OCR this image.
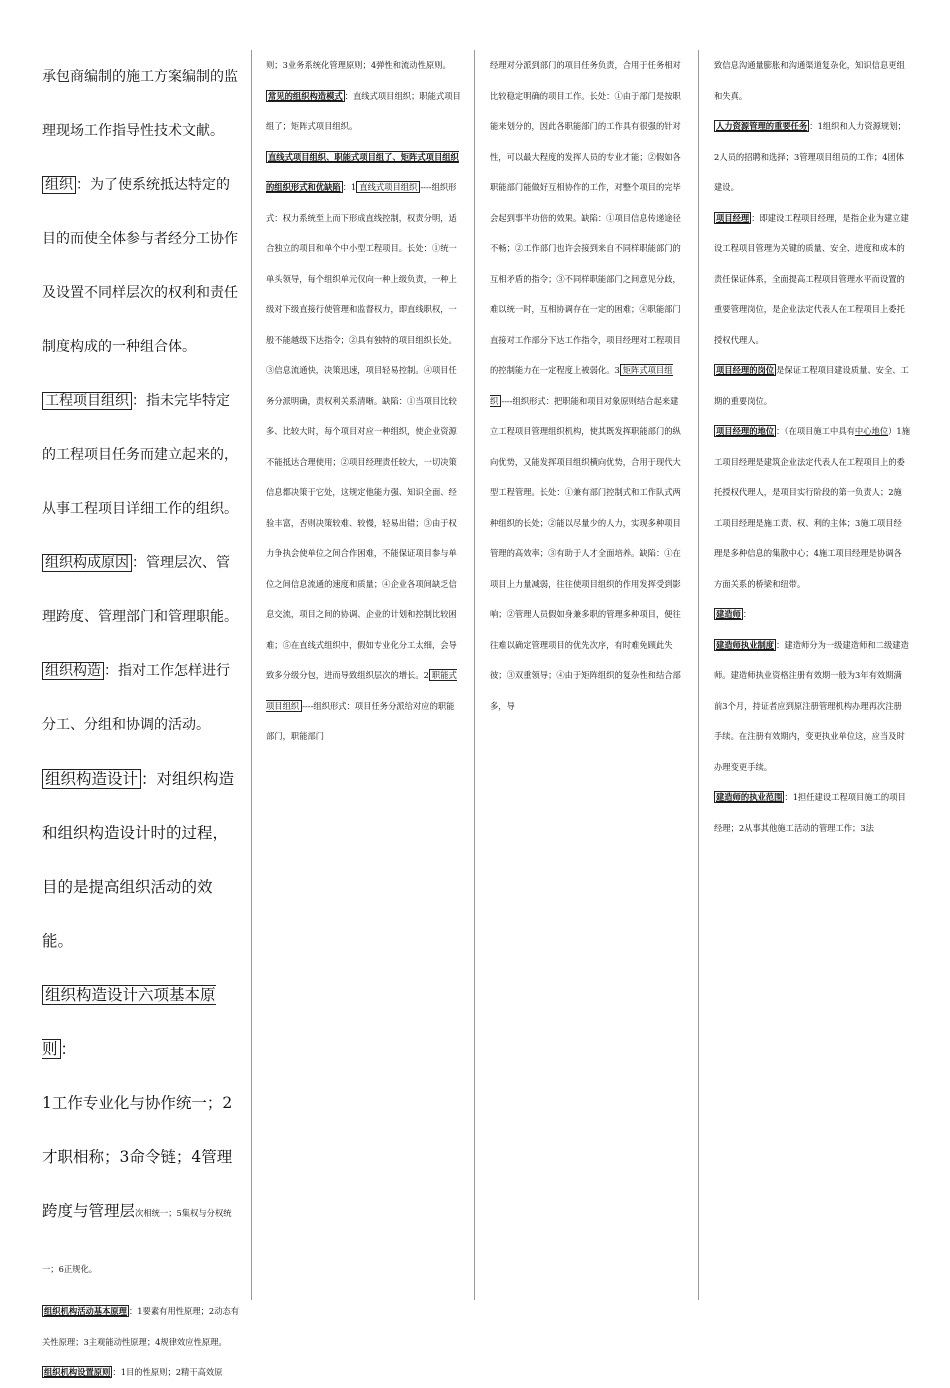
承包商编制的施工方案编制的监理现场工作指导性技术文献。

组织 ：为了使系统抵达特定的目的而使全体参与者经分工协作及设置不同样层次的权利和责任制度构成的一种组合体。

工程项目组织 ：指未完毕特定的工程项目任务而建立起来的，从事工程项目详细工作的组织。

组织构成原因 ：管理层次、管理跨度、管理部门和管理职能。

组织构造 ：指对工作怎样进行分工、分组和协调的活动。

组织构造设计 ：对组织构造和组织构造设计时的过程，目的是提高组织活动的效能。

组织构造设计六项基本原则 ：

1工作专业化与协作统一；2才职相称；3命令链；4管理跨度与管理层次相统一；5集权与分权统一；6正规化。

组织机构活动基本原理 ：1要素有用性原理；2动态有关性原理；3主观能动性原理；4规律效应性原理。

组织机构设置原则 ：1目的性原则；2精干高效原

则；3业务系统化管理原则；4弹性和流动性原则。

常见的组织构造模式 ：直线式项目组织；职能式项目组了；矩阵式项目组织。

直线式项目组织、职能式项目组了、矩阵式项目组织的组织形式和优缺陷 ：1 直线式项目组织 ----组织形式：权力系统至上而下形成直线控制，权责分明，适合独立的项目和单个中小型工程项目。长处：①统一单头领导，每个组织单元仅向一种上级负责，一种上级对下级直接行使管理和监督权力，即直线职权，一般不能越级下达指令；②具有独特的项目组织长处。③信息流通快，决策迅速，项目轻易控制。④项目任务分派明确，责权利关系清晰。缺陷：①当项目比较多、比较大时，每个项目对应一种组织，使企业资源不能抵达合理使用；②项目经理责任较大，一切决策信息都决策于它处，这规定他能力强、知识全面、经验丰富，否则决策较难、较慢，轻易出错；③由于权力争执会使单位之间合作困难，不能保证项目参与单位之间信息流通的速度和质量；④企业各项间缺乏信息交流，项目之间的协调、企业的计划和控制比较困难；⑤在直线式组织中，假如专业化分工太细，会导致多分级分包，进而导致组织层次的增长。2 职能式项目组织 ----组织形式：项目任务分派给对应的职能部门，职能部门

经理对分派到部门的项目任务负责，合用于任务相对比较稳定明确的项目工作。长处：①由于部门是按职能来划分的，因此各职能部门的工作具有很强的针对性，可以最大程度的发挥人员的专业才能；②假如各职能部门能做好互相协作的工作，对整个项目的完毕会起到事半功倍的效果。缺陷：①项目信息传递途径不畅；②工作部门也许会接到来自不同样职能部门的互相矛盾的指令；③不同样职能部门之间意见分歧，难以统一时，互相协调存在一定的困难；④职能部门直接对工作部分下达工作指令，项目经理对工程项目的控制能力在一定程度上被弱化。3 矩阵式项目组织 ----组织形式：把职能和项目对象原则结合起来建立工程项目管理组织机构，使其既发挥职能部门的纵向优势，又能发挥项目组织横向优势，合用于现代大型工程管理。长处：①兼有部门控制式和工作队式两种组织的长处；②能以尽量少的人力，实现多种项目管理的高效率；③有助于人才全面培养。缺陷：①在项目上力量减弱，往往使项目组织的作用发挥受到影响；②管理人员假如身兼多职的管理多种项目，便往往难以确定管理项目的优先次序，有时难免顾此失彼；③双重领导；④由于矩阵组织的复杂性和结合部多，导

致信息沟通量膨胀和沟通渠道复杂化，知识信息更组和失真。

人力资源管理的重要任务 ：1组织和人力资源规划；2人员的招聘和选择；3管理项目组员的工作；4团体建设。

项目经理 ：即建设工程项目经理，是指企业为建立建设工程项目管理为关键的质量、安全、进度和成本的责任保证体系，全面提高工程项目管理水平而设置的重要管理岗位，是企业法定代表人在工程项目上委托授权代理人。

项目经理的岗位 是保证工程项目建设质量、安全、工期的重要岗位。

项目经理的地位 ：（在项目施工中具有中心地位）1施工项目经理是建筑企业法定代表人在工程项目上的委托授权代理人，是项目实行阶段的第一负责人；2施工项目经理是施工责、权、利的主体；3施工项目经理是多种信息的集散中心；4施工项目经理是协调各方面关系的桥梁和纽带。

建造师 ：

建造师执业制度 ：建造师分为一级建造师和二级建造师。建造师执业资格注册有效期一般为3年有效期满前3个月，持证者应到原注册管理机构办理再次注册手续。在注册有效期内，变更执业单位这，应当及时办理变更手续。

建造师的执业范围 ：1担任建设工程项目施工的项目经理；2从事其他施工活动的管理工作；3法
